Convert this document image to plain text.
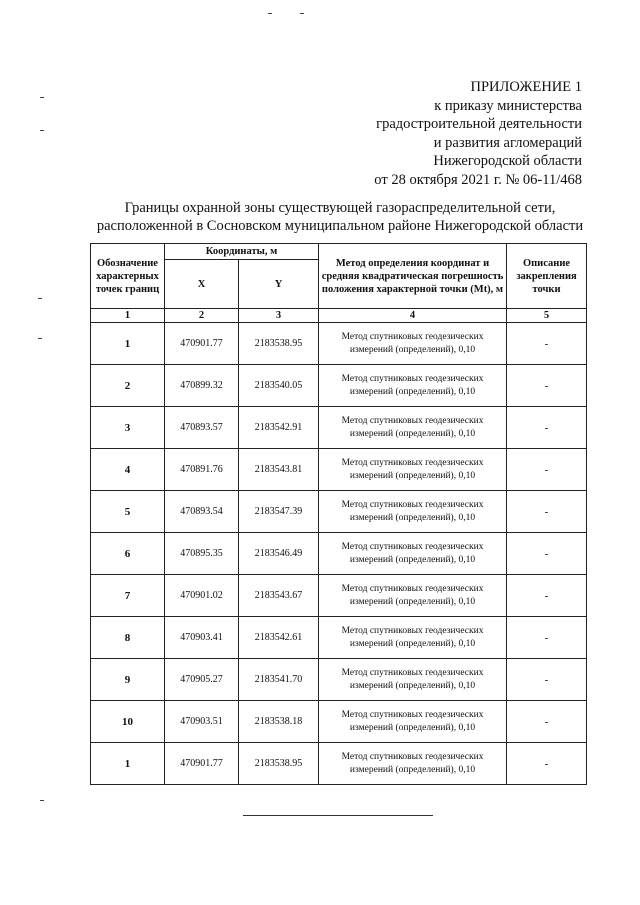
ПРИЛОЖЕНИЕ 1
к приказу министерства
градостроительной деятельности
и развития агломераций
Нижегородской области
от 28 октября 2021 г. № 06-11/468
Границы охранной зоны существующей газораспределительной сети,
расположенной в Сосновском муниципальном районе Нижегородской области
Обозначение характерных точек границ	Координаты, м		Метод определения координат и средняя квадратическая погрешность положения характерной точки (Mt), м	Описание закрепления точки
	X	Y		
1	2	3	4	5
1	470901.77	2183538.95	Метод спутниковых геодезических измерений (определений), 0,10	-
2	470899.32	2183540.05	Метод спутниковых геодезических измерений (определений), 0,10	-
3	470893.57	2183542.91	Метод спутниковых геодезических измерений (определений), 0,10	-
4	470891.76	2183543.81	Метод спутниковых геодезических измерений (определений), 0,10	-
5	470893.54	2183547.39	Метод спутниковых геодезических измерений (определений), 0,10	-
6	470895.35	2183546.49	Метод спутниковых геодезических измерений (определений), 0,10	-
7	470901.02	2183543.67	Метод спутниковых геодезических измерений (определений), 0,10	-
8	470903.41	2183542.61	Метод спутниковых геодезических измерений (определений), 0,10	-
9	470905.27	2183541.70	Метод спутниковых геодезических измерений (определений), 0,10	-
10	470903.51	2183538.18	Метод спутниковых геодезических измерений (определений), 0,10	-
1	470901.77	2183538.95	Метод спутниковых геодезических измерений (определений), 0,10	-
